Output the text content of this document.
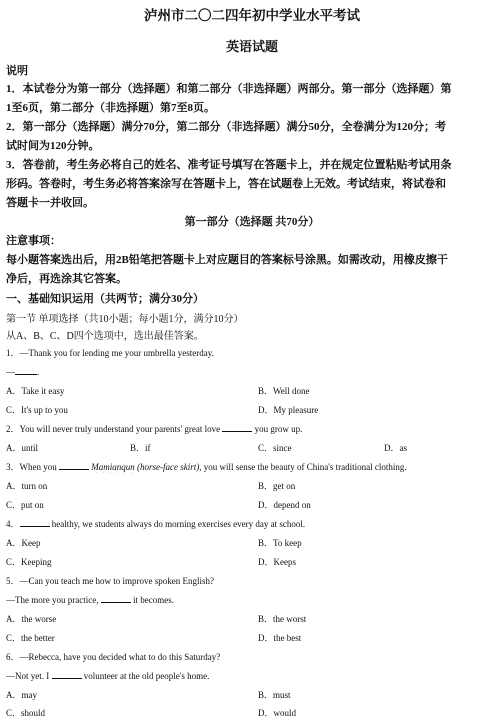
泸州市二〇二四年初中学业水平考试
英语试题
说明
1．本试卷分为第一部分（选择题）和第二部分（非选择题）两部分。第一部分（选择题）第
1至6页，第二部分（非选择题）第7至8页。
2．第一部分（选择题）满分70分，第二部分（非选择题）满分50分，全卷满分为120分；考
试时间为120分钟。
3．答卷前，考生务必将自己的姓名、准考证号填写在答题卡上，并在规定位置粘贴考试用条
形码。答卷时，考生务必将答案涂写在答题卡上，答在试题卷上无效。考试结束，将试卷和
答题卡一并收回。
第一部分（选择题 共70分）
注意事项：
每小题答案选出后，用2B铅笔把答题卡上对应题目的答案标号涂黑。如需改动，用橡皮擦干
净后，再选涂其它答案。
一、基础知识运用（共两节；满分30分）
第一节 单项选择（共10小题；每小题1分，满分10分）
从A、B、C、D四个选项中，选出最佳答案。
1．—Thank you for lending me your umbrella yesterday.
— .
A．Take it easy	B．Well done
C．It's up to you	D．My pleasure
2．You will never truly understand your parents' great love	you grow up.
A．until	B．if	C．since	D．as
3．When you	Mamianqun (horse-face skirt), you will sense the beauty of China's traditional clothing.
A．turn on	B．get on
C．put on	D．depend on
4．	healthy, we students always do morning exercises every day at school.
A．Keep	B．To keep
C．Keeping	D．Keeps
5．—Can you teach me how to improve spoken English?
—The more you practice,	it becomes.
A．the worse	B．the worst
C．the better	D．the best
6．—Rebecca, have you decided what to do this Saturday?
—Not yet. I	volunteer at the old people's home.
A．may	B．must
C．should	D．would
